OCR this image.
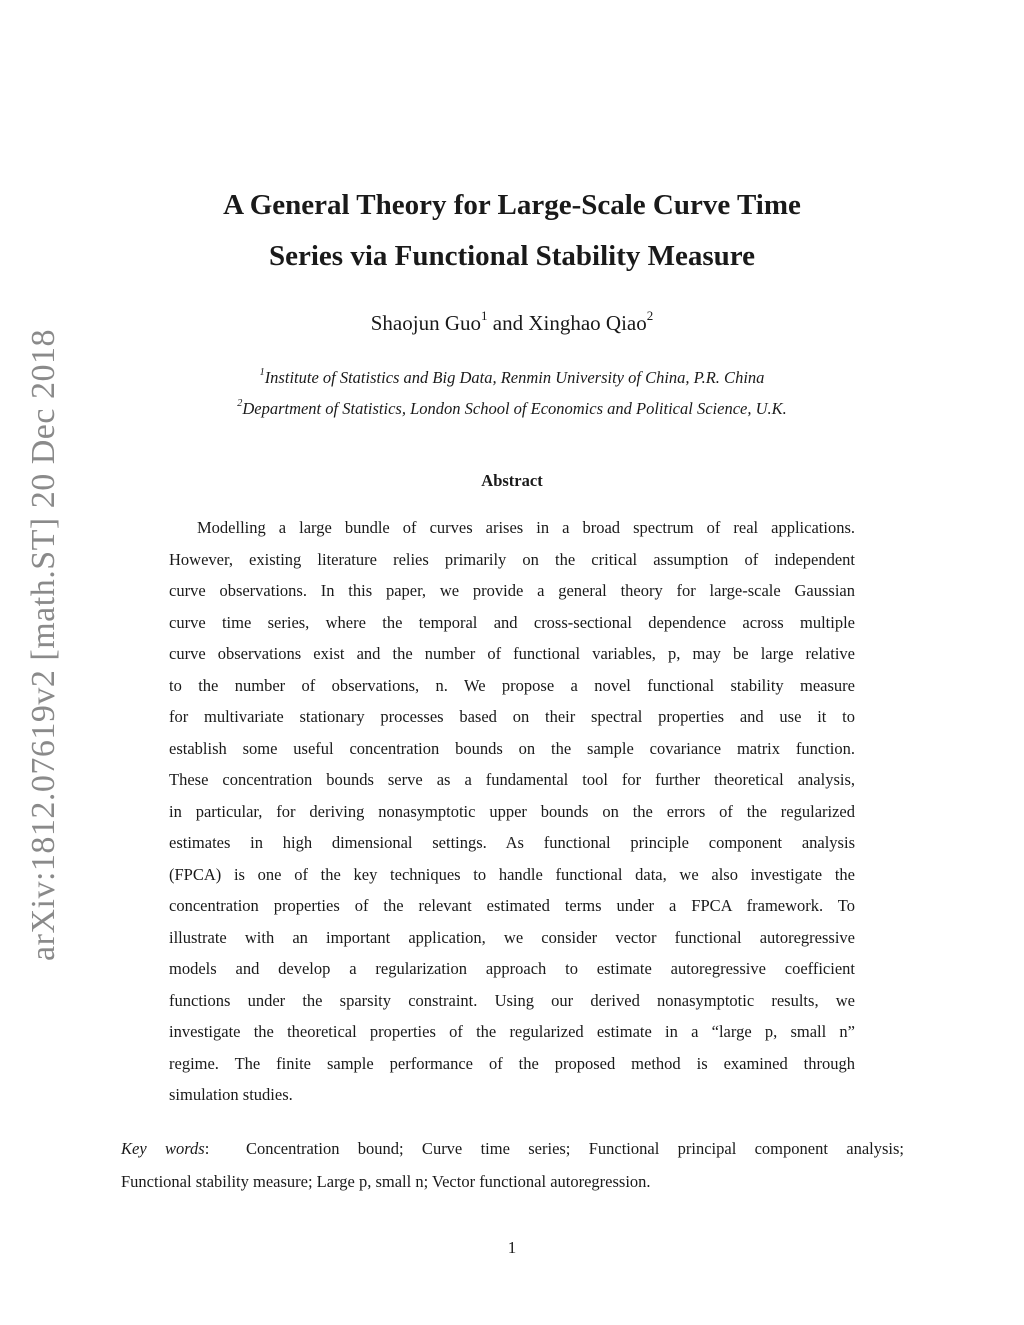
arXiv:1812.07619v2 [math.ST] 20 Dec 2018
A General Theory for Large-Scale Curve Time
Series via Functional Stability Measure
Shaojun Guo$^1$ and Xinghao Qiao$^2$
$^1$Institute of Statistics and Big Data, Renmin University of China, P.R. China
$^2$Department of Statistics, London School of Economics and Political Science, U.K.
Abstract
Modelling a large bundle of curves arises in a broad spectrum of real applications.
However, existing literature relies primarily on the critical assumption of independent
curve observations. In this paper, we provide a general theory for large-scale Gaussian
curve time series, where the temporal and cross-sectional dependence across multiple
curve observations exist and the number of functional variables, p, may be large relative
to the number of observations, n. We propose a novel functional stability measure
for multivariate stationary processes based on their spectral properties and use it to
establish some useful concentration bounds on the sample covariance matrix function.
These concentration bounds serve as a fundamental tool for further theoretical analysis,
in particular, for deriving nonasymptotic upper bounds on the errors of the regularized
estimates in high dimensional settings. As functional principle component analysis
(FPCA) is one of the key techniques to handle functional data, we also investigate the
concentration properties of the relevant estimated terms under a FPCA framework. To
illustrate with an important application, we consider vector functional autoregressive
models and develop a regularization approach to estimate autoregressive coefficient
functions under the sparsity constraint. Using our derived nonasymptotic results, we
investigate the theoretical properties of the regularized estimate in a “large p, small n”
regime. The finite sample performance of the proposed method is examined through
simulation studies.
Key words:  Concentration bound; Curve time series; Functional principal component analysis;
Functional stability measure; Large p, small n; Vector functional autoregression.
1
